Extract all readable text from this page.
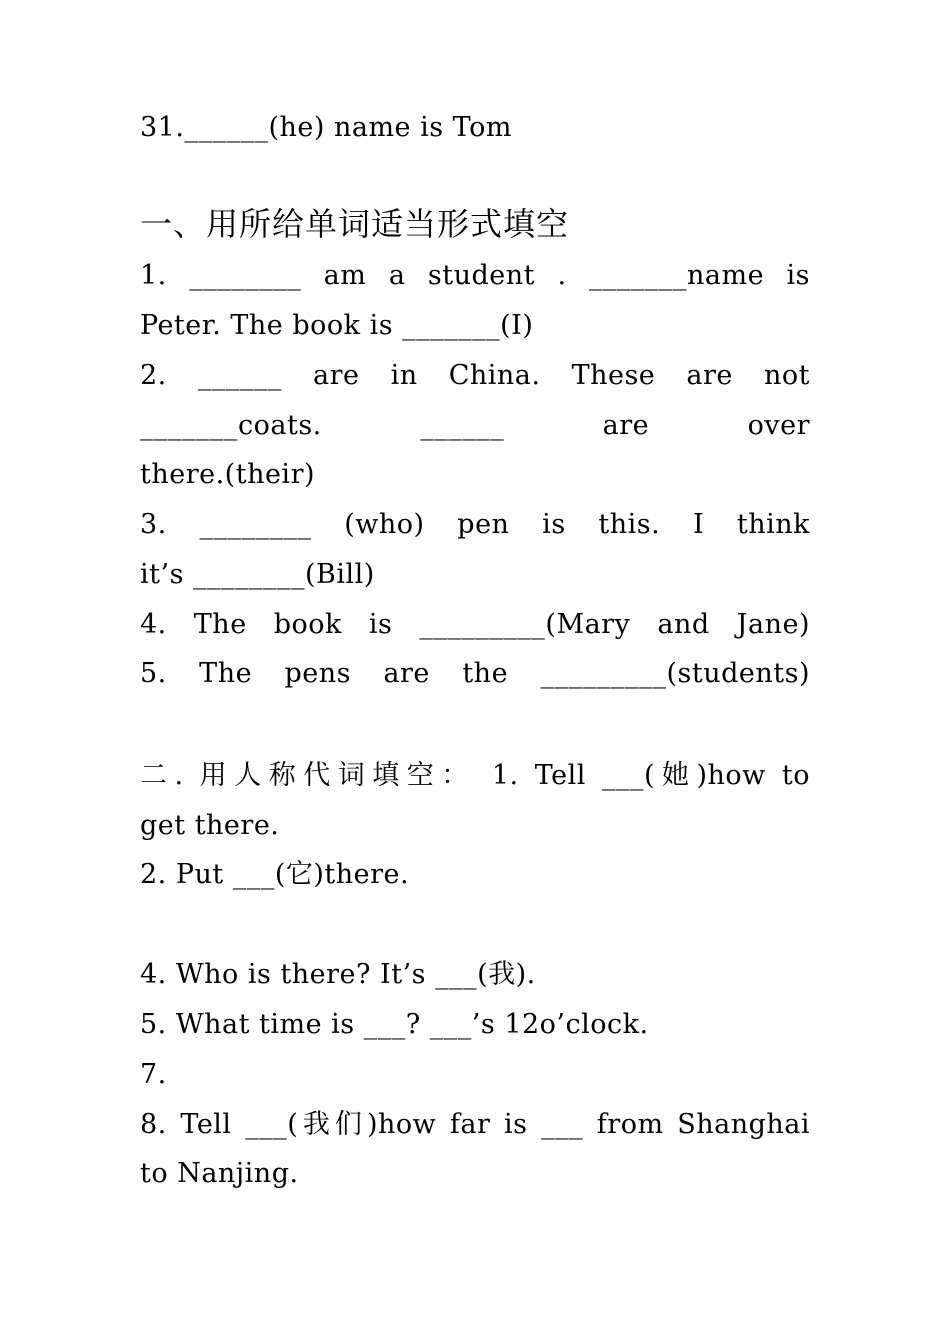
31.______(he) name is Tom
一、用所给单词适当形式填空
1. ________ am a student . _______name is
Peter. The book is _______(I)
2. ______ are in China. These are not
_______coats. ______ are over
there.(their)
3. ________ (who) pen is this. I think
it’s ________(Bill)
4. The book is _________(Mary and Jane)
5. The pens are the _________(students)
二. 用人称代词填空： 1. Tell ___(她)how to
get there.
2. Put ___(它)there.
4. Who is there? It’s ___(我).
5. What time is ___? ___’s 12o’clock.
7.
8. Tell ___(我们)how far is ___ from Shanghai
to Nanjing.
